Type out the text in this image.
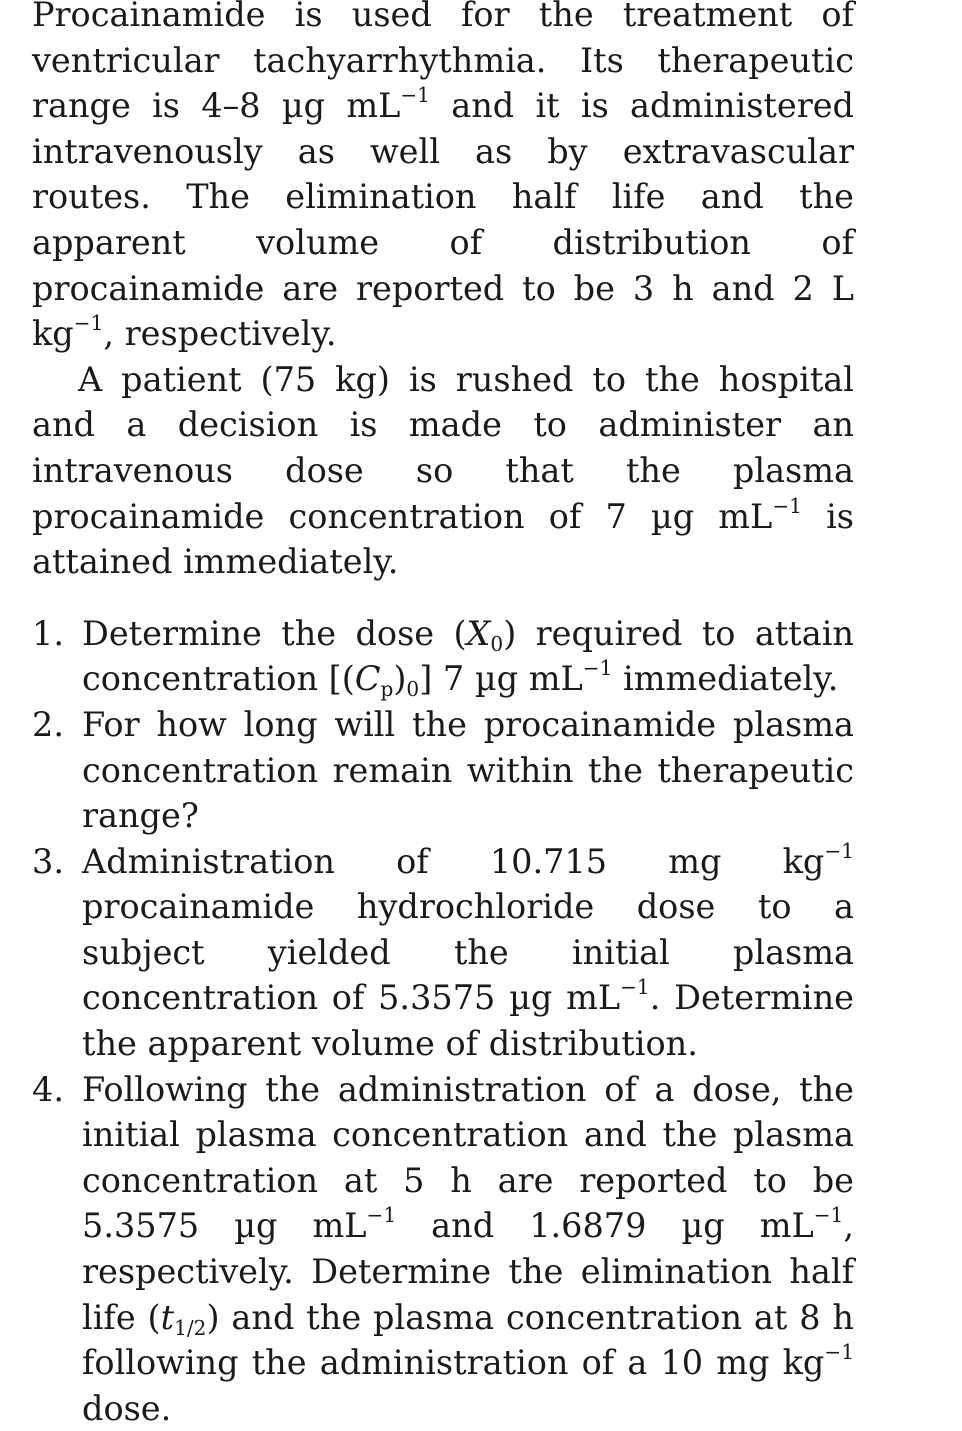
Procainamide is used for the treatment of ventricular tachyarrhythmia. Its therapeutic range is 4–8 µg $mL^{-1}$ and it is administered intravenously as well as by extravascular routes. The elimination half life and the apparent volume of distribution of procainamide are reported to be 3 h and 2 L $kg^{-1}$, respectively.

A patient (75 kg) is rushed to the hospital and a decision is made to administer an intravenous dose so that the plasma procainamide concentration of 7 µg $mL^{-1}$ is attained immediately.

1. Determine the dose $(X_0)$ required to attain concentration $[(C_p)_0]$ 7 µg $mL^{-1}$ immediately.
2. For how long will the procainamide plasma concentration remain within the therapeutic range?
3. Administration of 10.715 mg $kg^{-1}$ procainamide hydrochloride dose to a subject yielded the initial plasma concentration of 5.3575 µg $mL^{-1}$. Determine the apparent volume of distribution.
4. Following the administration of a dose, the initial plasma concentration and the plasma concentration at 5 h are reported to be 5.3575 µg $mL^{-1}$ and 1.6879 µg $mL^{-1}$, respectively. Determine the elimination half life $(t_{1/2})$ and the plasma concentration at 8 h following the administration of a 10 mg $kg^{-1}$ dose.
